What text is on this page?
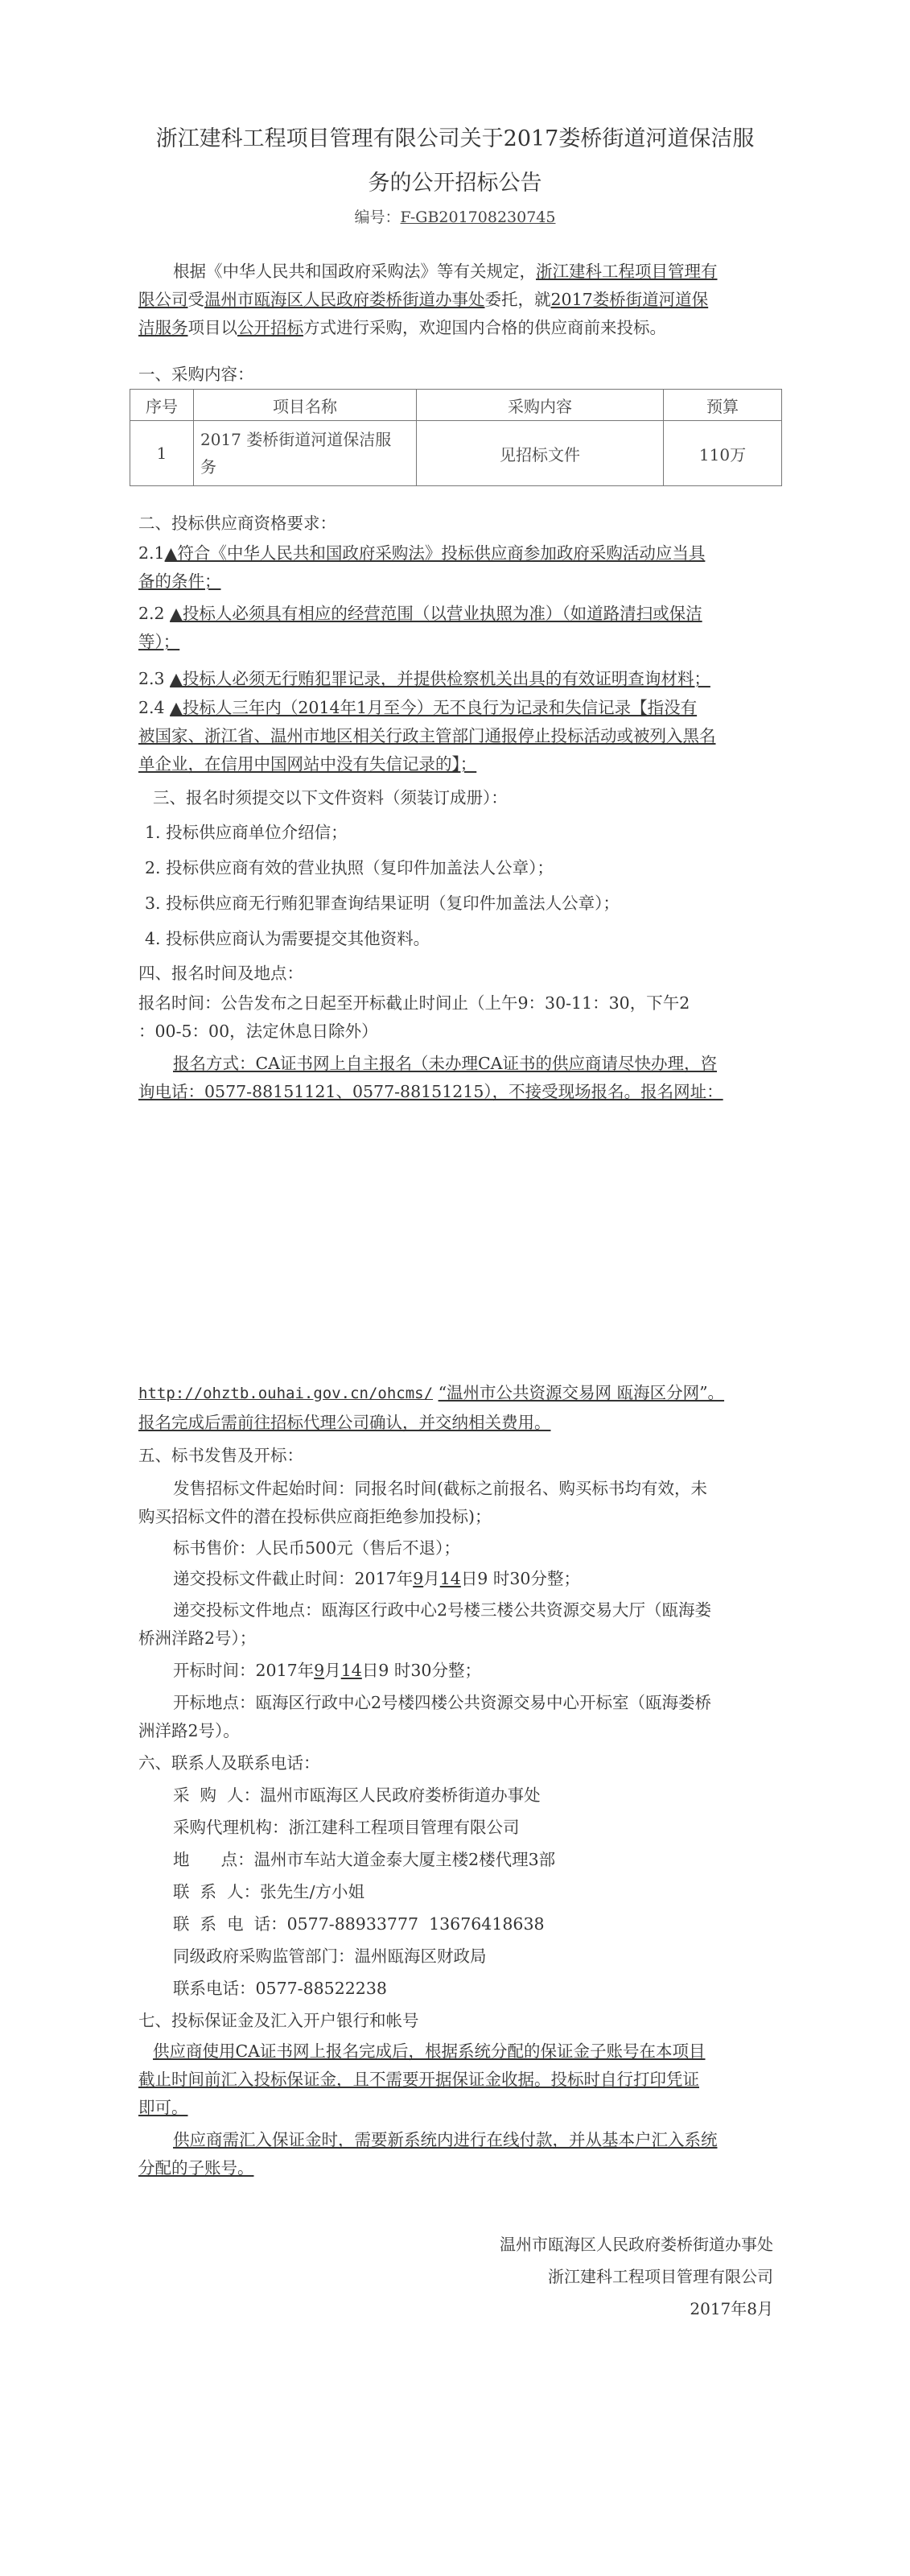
浙江建科工程项目管理有限公司关于2017娄桥街道河道保洁服
务的公开招标公告
编号：F-GB201708230745
根据《中华人民共和国政府采购法》等有关规定，浙江建科工程项目管理有
限公司受温州市瓯海区人民政府娄桥街道办事处委托，就2017娄桥街道河道保
洁服务项目以公开招标方式进行采购，欢迎国内合格的供应商前来投标。
一、采购内容：
序号	项目名称	采购内容	预算
1	2017 娄桥街道河道保洁服
务	见招标文件	110万
二、投标供应商资格要求：
2.1▲符合《中华人民共和国政府采购法》投标供应商参加政府采购活动应当具
备的条件；
2.2 ▲投标人必须具有相应的经营范围（以营业执照为准）（如道路清扫或保洁
等）；
2.3 ▲投标人必须无行贿犯罪记录，并提供检察机关出具的有效证明查询材料；
2.4 ▲投标人三年内（2014年1月至今）无不良行为记录和失信记录【指没有
被国家、浙江省、温州市地区相关行政主管部门通报停止投标活动或被列入黑名
单企业，在信用中国网站中没有失信记录的】；
三、报名时须提交以下文件资料（须装订成册）：
1. 投标供应商单位介绍信；
2. 投标供应商有效的营业执照（复印件加盖法人公章）；
3. 投标供应商无行贿犯罪查询结果证明（复印件加盖法人公章）；
4. 投标供应商认为需要提交其他资料。
四、报名时间及地点：
报名时间：公告发布之日起至开标截止时间止（上午9：30-11：30，下午2
：00-5：00，法定休息日除外）
报名方式：CA证书网上自主报名（未办理CA证书的供应商请尽快办理，咨
询电话：0577-88151121、0577-88151215），不接受现场报名。报名网址：
http://ohztb.ouhai.gov.cn/ohcms/ “温州市公共资源交易网 瓯海区分网”。
报名完成后需前往招标代理公司确认，并交纳相关费用。
五、标书发售及开标：
发售招标文件起始时间：同报名时间(截标之前报名、购买标书均有效，未
购买招标文件的潜在投标供应商拒绝参加投标)；
标书售价：人民币500元（售后不退）；
递交投标文件截止时间：2017年9月14日9 时30分整；
递交投标文件地点：瓯海区行政中心2号楼三楼公共资源交易大厅（瓯海娄
桥洲洋路2号）；
开标时间：2017年9月14日9 时30分整；
开标地点：瓯海区行政中心2号楼四楼公共资源交易中心开标室（瓯海娄桥
洲洋路2号）。
六、联系人及联系电话：
采  购  人：温州市瓯海区人民政府娄桥街道办事处
采购代理机构：浙江建科工程项目管理有限公司
地      点：温州市车站大道金泰大厦主楼2楼代理3部
联  系  人：张先生/方小姐
联  系  电  话：0577-88933777  13676418638
同级政府采购监管部门：温州瓯海区财政局
联系电话：0577-88522238
七、投标保证金及汇入开户银行和帐号
供应商使用CA证书网上报名完成后，根据系统分配的保证金子账号在本项目
截止时间前汇入投标保证金，且不需要开据保证金收据。投标时自行打印凭证
即可。
供应商需汇入保证金时，需要新系统内进行在线付款，并从基本户汇入系统
分配的子账号。
温州市瓯海区人民政府娄桥街道办事处
浙江建科工程项目管理有限公司
2017年8月
